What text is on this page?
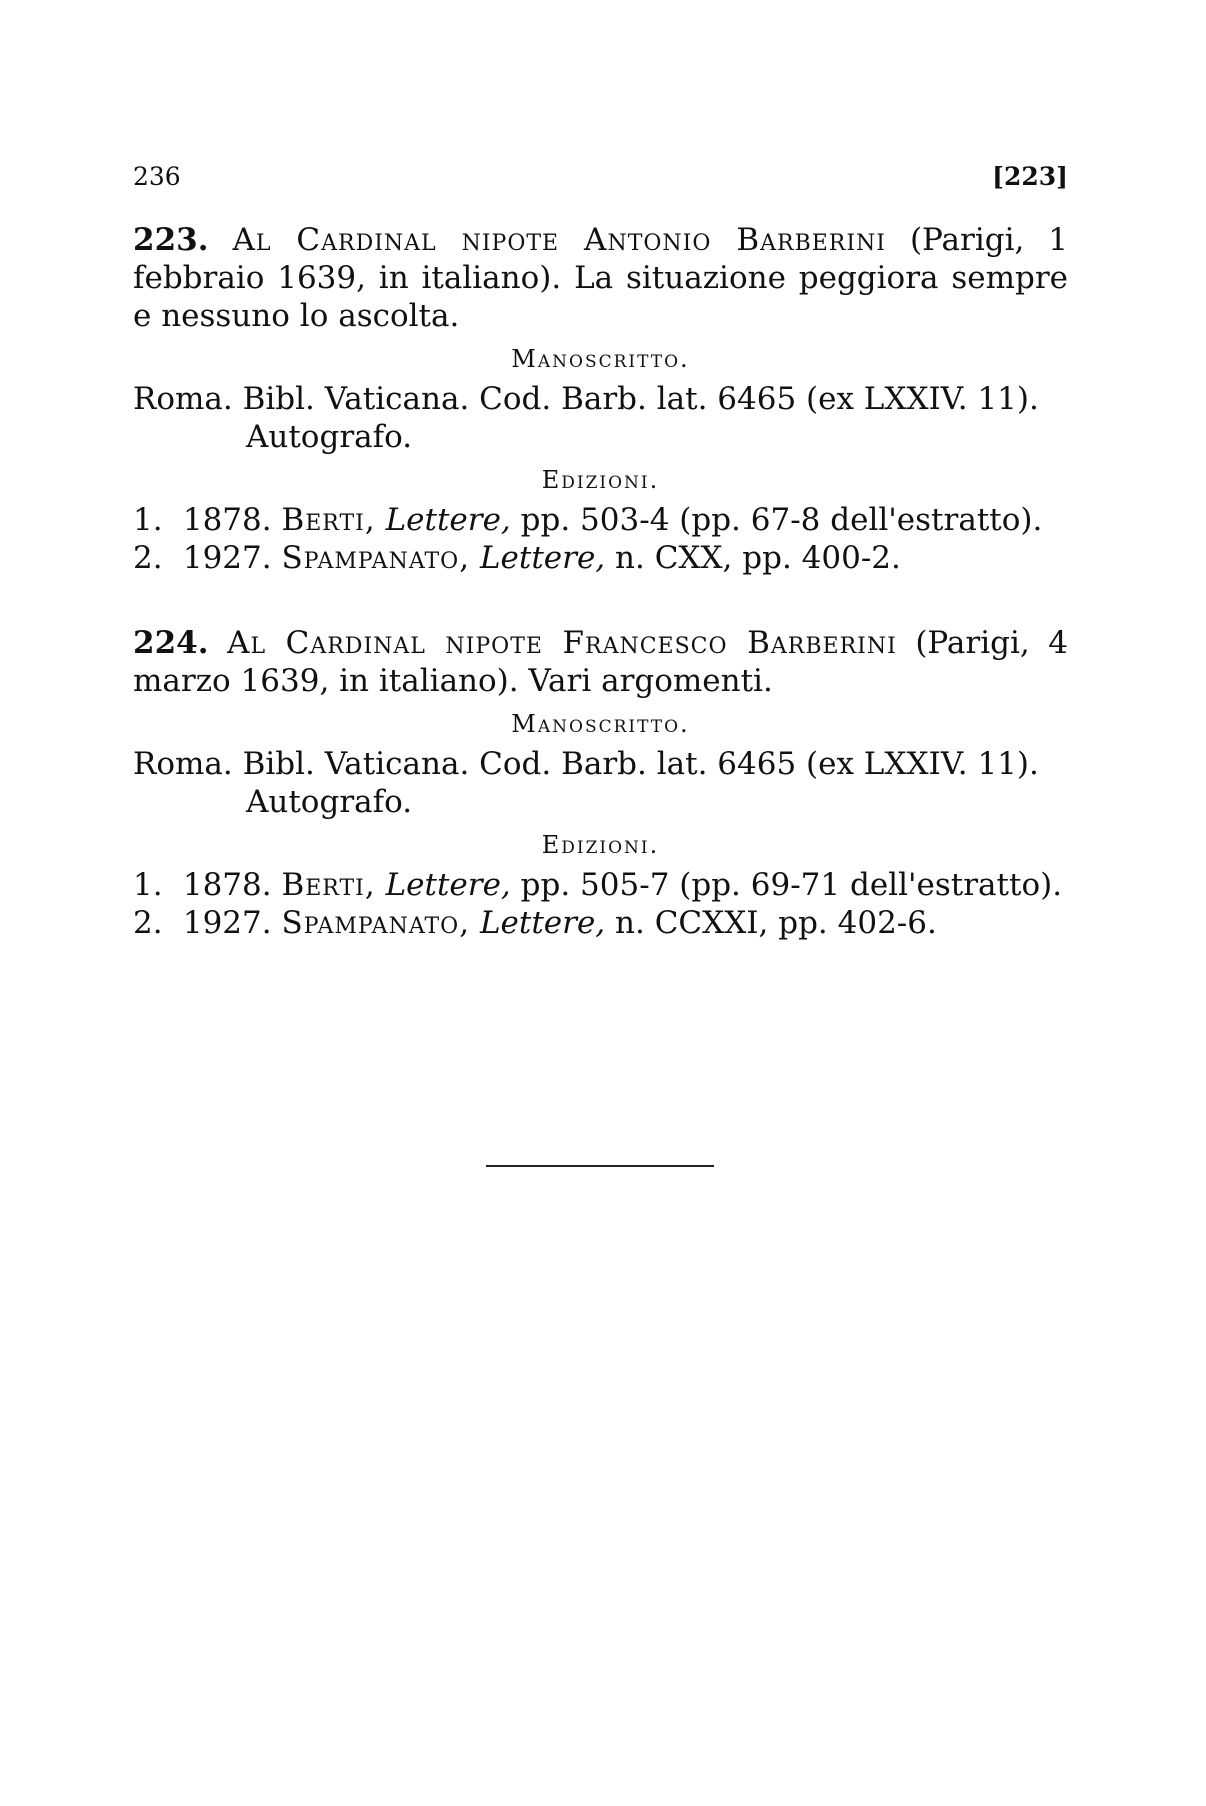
236	[223]

223. Al Cardinal nipote Antonio Barberini (Parigi, 1 febbraio 1639, in italiano). La situazione peggiora sempre e nessuno lo ascolta.

Manoscritto.

Roma. Bibl. Vaticana. Cod. Barb. lat. 6465 (ex LXXIV. 11).

Autografo.

Edizioni.

1. 1878. Berti, Lettere, pp. 503-4 (pp. 67-8 dell'estratto).

2. 1927. Spampanato, Lettere, n. CXX, pp. 400-2.

224. Al Cardinal nipote Francesco Barberini (Parigi, 4 marzo 1639, in italiano). Vari argomenti.

Manoscritto.

Roma. Bibl. Vaticana. Cod. Barb. lat. 6465 (ex LXXIV. 11).

Autografo.

Edizioni.

1. 1878. Berti, Lettere, pp. 505-7 (pp. 69-71 dell'estratto).

2. 1927. Spampanato, Lettere, n. CCXXI, pp. 402-6.
